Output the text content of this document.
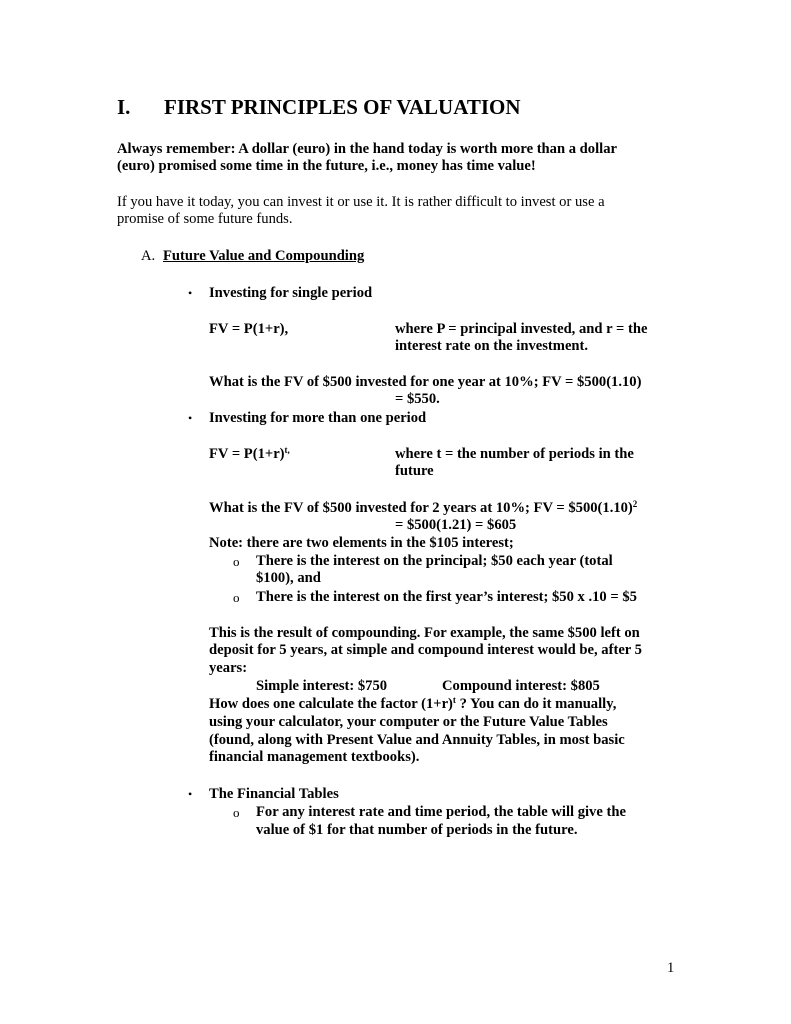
I. FIRST PRINCIPLES OF VALUATION
Always remember: A dollar (euro) in the hand today is worth more than a dollar
(euro) promised some time in the future, i.e., money has time value!
If you have it today, you can invest it or use it. It is rather difficult to invest or use a
promise of some future funds.
A. Future Value and Compounding
• Investing for single period
FV = P(1+r),	where P = principal invested, and r = the
interest rate on the investment.
What is the FV of $500 invested for one year at 10%; FV = $500(1.10)
= $550.
• Investing for more than one period
FV = $P(1+r)^{t,}$	where t = the number of periods in the
future
What is the FV of $500 invested for 2 years at 10%; FV = $\$500(1.10)^2$
= $500(1.21) = $605
Note: there are two elements in the $105 interest;
o There is the interest on the principal; $50 each year (total
$100), and
o There is the interest on the first year’s interest; $50 x .10 = $5
This is the result of compounding. For example, the same $500 left on
deposit for 5 years, at simple and compound interest would be, after 5
years:
Simple interest: $750	Compound interest: $805
How does one calculate the factor $(1+r)^t$ ? You can do it manually,
using your calculator, your computer or the Future Value Tables
(found, along with Present Value and Annuity Tables, in most basic
financial management textbooks).
• The Financial Tables
o For any interest rate and time period, the table will give the
value of $1 for that number of periods in the future.
1
